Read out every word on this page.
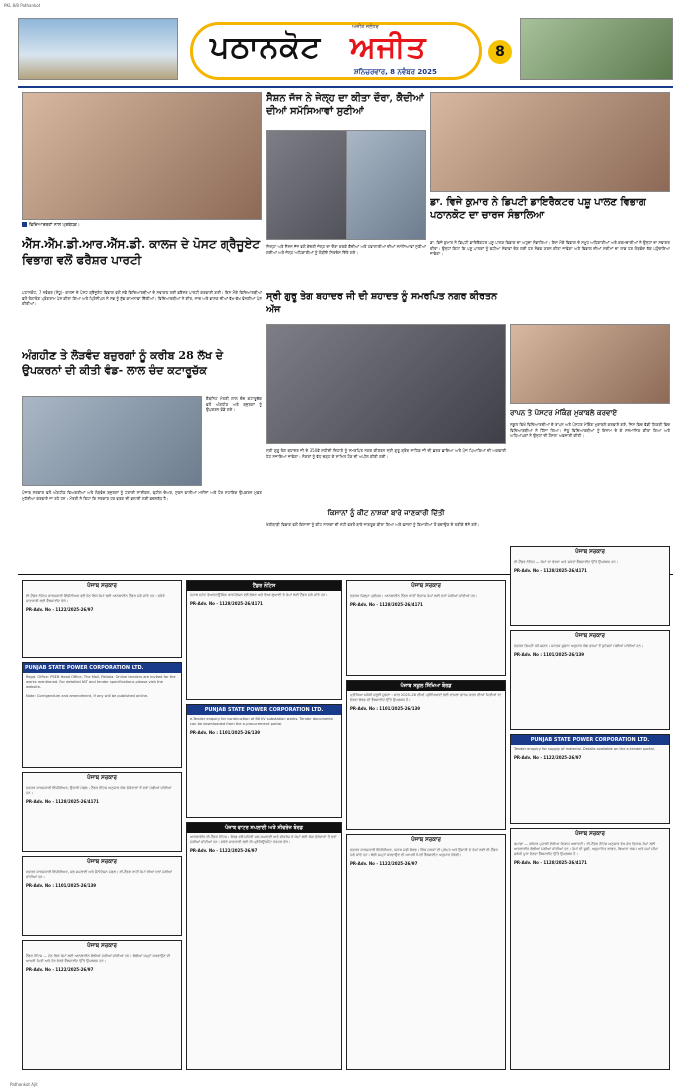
PKL 8/8 Pathankot
ਪਠਾਨਕੋਟ ਅਜੀਤ
ਅਜੀਤ ਜਲੰਧਰ
ਸ਼ਨਿਚਰਵਾਰ, 8 ਨਵੰਬਰ 2025
8
ਵਿਦਿਆਰਥਣਾਂ ਨਾਲ ਪ੍ਰਬੰਧਕ।
ਸੈਸ਼ਨ ਜੱਜ ਨੇ ਜੇਲ੍ਹ ਦਾ ਕੀਤਾ ਦੌਰਾ, ਕੈਦੀਆਂ ਦੀਆਂ ਸਮੱਸਿਆਵਾਂ ਸੁਣੀਆਂ
ਡਾ. ਵਿਜੇ ਕੁਮਾਰ ਨੇ ਡਿਪਟੀ ਡਾਇਰੈਕਟਰ ਪਸ਼ੂ ਪਾਲਣ ਵਿਭਾਗ ਪਠਾਨਕੋਟ ਦਾ ਚਾਰਜ ਸੰਭਾਲਿਆ
ਐੱਸ.ਐੱਮ.ਡੀ.ਆਰ.ਐੱਸ.ਡੀ. ਕਾਲਜ ਦੇ ਪੋਸਟ ਗ੍ਰੈਜੂਏਟ ਵਿਭਾਗ ਵਲੋਂ ਫਰੈਸ਼ਰ ਪਾਰਟੀ
ਪਠਾਨਕੋਟ, 7 ਨਵੰਬਰ (ਸੰਧੂ)- ਕਾਲਜ ਦੇ ਪੋਸਟ ਗ੍ਰੈਜੂਏਟ ਵਿਭਾਗ ਵਲੋਂ ਨਵੇਂ ਵਿਦਿਆਰਥੀਆਂ ਦੇ ਸਵਾਗਤ ਲਈ ਫਰੈਸ਼ਰ ਪਾਰਟੀ ਕਰਵਾਈ ਗਈ। ਇਸ ਮੌਕੇ ਵਿਦਿਆਰਥੀਆਂ ਵਲੋਂ ਰੰਗਾਰੰਗ ਪ੍ਰੋਗਰਾਮ ਪੇਸ਼ ਕੀਤਾ ਗਿਆ ਅਤੇ ਪ੍ਰਿੰਸੀਪਲ ਨੇ ਸਭ ਨੂੰ ਸ਼ੁੱਭ ਕਾਮਨਾਵਾਂ ਦਿੱਤੀਆਂ। ਵਿਦਿਆਰਥੀਆਂ ਨੇ ਗੀਤ, ਨਾਚ ਅਤੇ ਭਾਸ਼ਣ ਦੀਆਂ ਵੱਖ-ਵੱਖ ਵੰਨਗੀਆਂ ਪੇਸ਼ ਕੀਤੀਆਂ।
ਜ਼ਿਲ੍ਹਾ ਅਤੇ ਸੈਸ਼ਨ ਜੱਜ ਵਲੋਂ ਕੇਂਦਰੀ ਜੇਲ੍ਹ ਦਾ ਦੌਰਾ ਕਰਕੇ ਕੈਦੀਆਂ ਅਤੇ ਹਵਾਲਾਤੀਆਂ ਦੀਆਂ ਸਮੱਸਿਆਵਾਂ ਸੁਣੀਆਂ ਗਈਆਂ ਅਤੇ ਜੇਲ੍ਹ ਅਧਿਕਾਰੀਆਂ ਨੂੰ ਲੋੜੀਂਦੇ ਨਿਰਦੇਸ਼ ਦਿੱਤੇ ਗਏ।
ਸ੍ਰੀ ਗੁਰੂ ਤੇਗ ਬਹਾਦਰ ਜੀ ਦੀ ਸ਼ਹਾਦਤ ਨੂੰ ਸਮਰਪਿਤ ਨਗਰ ਕੀਰਤਨ ਅੱਜ
ਡਾ. ਵਿਜੇ ਕੁਮਾਰ ਨੇ ਡਿਪਟੀ ਡਾਇਰੈਕਟਰ ਪਸ਼ੂ ਪਾਲਣ ਵਿਭਾਗ ਦਾ ਅਹੁਦਾ ਸੰਭਾਲਿਆ। ਇਸ ਮੌਕੇ ਵਿਭਾਗ ਦੇ ਸਮੂਹ ਅਧਿਕਾਰੀਆਂ ਅਤੇ ਕਰਮਚਾਰੀਆਂ ਨੇ ਉਨ੍ਹਾਂ ਦਾ ਸਵਾਗਤ ਕੀਤਾ। ਉਨ੍ਹਾਂ ਕਿਹਾ ਕਿ ਪਸ਼ੂ ਪਾਲਕਾਂ ਨੂੰ ਵਧੀਆ ਸੇਵਾਵਾਂ ਦੇਣ ਲਈ ਹਰ ਸੰਭਵ ਯਤਨ ਕੀਤਾ ਜਾਵੇਗਾ ਅਤੇ ਵਿਭਾਗ ਦੀਆਂ ਸਕੀਮਾਂ ਦਾ ਲਾਭ ਹਰ ਲੋੜਵੰਦ ਤੱਕ ਪਹੁੰਚਾਇਆ ਜਾਵੇਗਾ।
ਅੰਗਹੀਣ ਤੇ ਲੋੜਵੰਦ ਬਜ਼ੁਰਗਾਂ ਨੂੰ ਕਰੀਬ 28 ਲੱਖ ਦੇ ਉਪਕਰਨਾਂ ਦੀ ਕੀਤੀ ਵੰਡ- ਲਾਲ ਚੰਦ ਕਟਾਰੂਚੱਕ
ਕੈਬਨਿਟ ਮੰਤਰੀ ਲਾਲ ਚੰਦ ਕਟਾਰੂਚੱਕ ਵਲੋਂ ਅੰਗਹੀਣ ਅਤੇ ਬਜ਼ੁਰਗਾਂ ਨੂੰ ਉਪਕਰਨ ਵੰਡੇ ਗਏ।
ਪੰਜਾਬ ਸਰਕਾਰ ਵਲੋਂ ਅੰਗਹੀਣ ਵਿਅਕਤੀਆਂ ਅਤੇ ਲੋੜਵੰਦ ਬਜ਼ੁਰਗਾਂ ਨੂੰ ਟਰਾਈ ਸਾਈਕਲ, ਵ੍ਹੀਲ ਚੇਅਰ, ਸੁਣਨ ਵਾਲੀਆਂ ਮਸ਼ੀਨਾਂ ਅਤੇ ਹੋਰ ਸਹਾਇਕ ਉਪਕਰਨ ਮੁਫ਼ਤ ਮੁਹੱਈਆ ਕਰਵਾਏ ਜਾ ਰਹੇ ਹਨ। ਮੰਤਰੀ ਨੇ ਕਿਹਾ ਕਿ ਸਰਕਾਰ ਹਰ ਵਰਗ ਦੀ ਭਲਾਈ ਲਈ ਵਚਨਬੱਧ ਹੈ।
ਸ੍ਰੀ ਗੁਰੂ ਤੇਗ ਬਹਾਦਰ ਜੀ ਦੇ 350ਵੇਂ ਸ਼ਹੀਦੀ ਦਿਹਾੜੇ ਨੂੰ ਸਮਰਪਿਤ ਨਗਰ ਕੀਰਤਨ ਸ੍ਰੀ ਗੁਰੂ ਗ੍ਰੰਥ ਸਾਹਿਬ ਜੀ ਦੀ ਛਤਰ ਛਾਇਆ ਅਤੇ ਪੰਜ ਪਿਆਰਿਆਂ ਦੀ ਅਗਵਾਈ ਹੇਠ ਸਜਾਇਆ ਜਾਵੇਗਾ। ਸੰਗਤਾਂ ਨੂੰ ਵੱਧ ਚੜ੍ਹ ਕੇ ਸ਼ਾਮਿਲ ਹੋਣ ਦੀ ਅਪੀਲ ਕੀਤੀ ਗਈ।
ਕਿਸਾਨਾਂ ਨੂੰ ਕੀਟ ਨਾਸ਼ਕਾਂ ਬਾਰੇ ਜਾਣਕਾਰੀ ਦਿੱਤੀ
ਖੇਤੀਬਾੜੀ ਵਿਭਾਗ ਵਲੋਂ ਕਿਸਾਨਾਂ ਨੂੰ ਕੀਟ ਨਾਸ਼ਕਾਂ ਦੀ ਸਹੀ ਵਰਤੋਂ ਬਾਰੇ ਜਾਗਰੂਕ ਕੀਤਾ ਗਿਆ ਅਤੇ ਫ਼ਸਲਾਂ ਨੂੰ ਬਿਮਾਰੀਆਂ ਤੋਂ ਬਚਾਉਣ ਦੇ ਤਰੀਕੇ ਦੱਸੇ ਗਏ।
ਰਾਪਨ ਤੇ ਪੋਸਟਰ ਮੇਕਿੰਗ ਮੁਕਾਬਲੇ ਕਰਵਾਏ
ਸਕੂਲ ਵਿਖੇ ਵਿਦਿਆਰਥੀਆਂ ਦੇ ਰਾਪਨ ਅਤੇ ਪੋਸਟਰ ਮੇਕਿੰਗ ਮੁਕਾਬਲੇ ਕਰਵਾਏ ਗਏ, ਜਿਸ ਵਿਚ ਵੱਡੀ ਗਿਣਤੀ ਵਿਚ ਵਿਦਿਆਰਥੀਆਂ ਨੇ ਹਿੱਸਾ ਲਿਆ। ਜੇਤੂ ਵਿਦਿਆਰਥੀਆਂ ਨੂੰ ਇਨਾਮ ਦੇ ਕੇ ਸਨਮਾਨਿਤ ਕੀਤਾ ਗਿਆ ਅਤੇ ਅਧਿਆਪਕਾਂ ਨੇ ਉਨ੍ਹਾਂ ਦੀ ਹੌਸਲਾ ਅਫ਼ਜ਼ਾਈ ਕੀਤੀ।
ਪੰਜਾਬ ਸਰਕਾਰ
ਈ-ਟੈਂਡਰ ਨੋਟਿਸ ਕਾਰਜਕਾਰੀ ਇੰਜੀਨੀਅਰ ਵਲੋਂ ਹੇਠ ਲਿਖੇ ਕੰਮਾਂ ਲਈ ਆਨਲਾਈਨ ਟੈਂਡਰ ਮੰਗੇ ਜਾਂਦੇ ਹਨ। ਵਧੇਰੇ ਜਾਣਕਾਰੀ ਲਈ ਵੈੱਬਸਾਈਟ ਵੇਖੋ।
PR-Adv. No - 1122/2025-26/97
PUNJAB STATE POWER CORPORATION LTD.
Regd. Office: PSEB Head Office, The Mall, Patiala. Online tenders are invited for the works mentioned. For detailed NIT and tender specifications please visit the website.
Note: Corrigendum and amendment, if any will be published online.
ਪੰਜਾਬ ਸਰਕਾਰ
ਦਫ਼ਤਰ ਕਾਰਜਕਾਰੀ ਇੰਜੀਨੀਅਰ, ਉਸਾਰੀ ਮੰਡਲ। ਟੈਂਡਰ ਨੋਟਿਸ ਅਨੁਸਾਰ ਯੋਗ ਠੇਕੇਦਾਰਾਂ ਤੋਂ ਦਰਾਂ ਮੰਗੀਆਂ ਜਾਂਦੀਆਂ ਹਨ।
PR-Adv. No - 1128/2025-26/4171
ਪੰਜਾਬ ਸਰਕਾਰ
ਦਫ਼ਤਰ ਕਾਰਜਕਾਰੀ ਇੰਜੀਨੀਅਰ, ਜਲ ਸਪਲਾਈ ਅਤੇ ਸੈਨੀਟੇਸ਼ਨ ਮੰਡਲ। ਈ-ਟੈਂਡਰ ਰਾਹੀਂ ਕੰਮਾਂ ਦੀਆਂ ਦਰਾਂ ਮੰਗੀਆਂ ਜਾਂਦੀਆਂ ਹਨ।
PR-Adv. No : 1101/2025-26/139
ਪੰਜਾਬ ਸਰਕਾਰ
ਟੈਂਡਰ ਨੋਟਿਸ — ਹੇਠ ਲਿਖੇ ਕੰਮਾਂ ਲਈ ਆਨਲਾਈਨ ਬੋਲੀਆਂ ਮੰਗੀਆਂ ਜਾਂਦੀਆਂ ਹਨ। ਬੋਲੀਆਂ ਜਮ੍ਹਾਂ ਕਰਵਾਉਣ ਦੀ ਆਖਰੀ ਮਿਤੀ ਅਤੇ ਹੋਰ ਵੇਰਵੇ ਵੈੱਬਸਾਈਟ ਉੱਤੇ ਉਪਲਬਧ ਹਨ।
PR-Adv. No - 1122/2025-26/97
ਟੈਂਡਰ ਨੋਟਿਸ
ਪੰਜਾਬ ਸਟੇਟ ਵੇਅਰਹਾਊਸਿੰਗ ਕਾਰਪੋਰੇਸ਼ਨ ਵਲੋਂ ਲੇਬਰ ਅਤੇ ਢੋਆ-ਢੁਆਈ ਦੇ ਕੰਮਾਂ ਲਈ ਟੈਂਡਰ ਮੰਗੇ ਜਾਂਦੇ ਹਨ।
PR-Adv. No - 1128/2025-26/4171
PUNJAB STATE POWER CORPORATION LTD.
e-Tender enquiry for construction of 66 kV substation works. Tender documents can be downloaded from the e-procurement portal.
PR-Adv. No : 1101/2025-26/139
ਪੰਜਾਬ ਵਾਟਰ ਸਪਲਾਈ ਅਤੇ ਸੀਵਰੇਜ ਬੋਰਡ
ਆਨਲਾਈਨ ਈ-ਟੈਂਡਰ ਨੋਟਿਸ। ਬੋਰਡ ਵਲੋਂ ਸ਼ਹਿਰੀ ਜਲ ਸਪਲਾਈ ਅਤੇ ਸੀਵਰੇਜ ਦੇ ਕੰਮਾਂ ਲਈ ਯੋਗ ਠੇਕੇਦਾਰਾਂ ਤੋਂ ਦਰਾਂ ਮੰਗੀਆਂ ਜਾਂਦੀਆਂ ਹਨ। ਵਧੇਰੇ ਜਾਣਕਾਰੀ ਲਈ ਈ-ਪ੍ਰੋਕਿਊਰਮੈਂਟ ਪੋਰਟਲ ਵੇਖੋ।
PR-Adv. No - 1122/2025-26/97
ਪੰਜਾਬ ਸਰਕਾਰ
ਦਫ਼ਤਰ ਜ਼ਿਲ੍ਹਾ ਪ੍ਰੀਸ਼ਦ। ਆਨਲਾਈਨ ਟੈਂਡਰ ਰਾਹੀਂ ਵਿਕਾਸ ਕੰਮਾਂ ਲਈ ਦਰਾਂ ਮੰਗੀਆਂ ਜਾਂਦੀਆਂ ਹਨ।
PR-Adv. No - 1128/2025-26/4171
ਪੰਜਾਬ ਸਕੂਲ ਸਿੱਖਿਆ ਬੋਰਡ
ਪ੍ਰੀਖਿਆ ਸਬੰਧੀ ਜ਼ਰੂਰੀ ਸੂਚਨਾ। ਸਾਲ 2025-26 ਦੀਆਂ ਪ੍ਰੀਖਿਆਵਾਂ ਲਈ ਦਾਖ਼ਲਾ ਫ਼ਾਰਮ ਭਰਨ ਦੀਆਂ ਮਿਤੀਆਂ ਦਾ ਵੇਰਵਾ ਬੋਰਡ ਦੀ ਵੈੱਬਸਾਈਟ ਉੱਤੇ ਉਪਲਬਧ ਹੈ।
PR-Adv. No : 1101/2025-26/139
ਪੰਜਾਬ ਸਰਕਾਰ
ਦਫ਼ਤਰ ਕਾਰਜਕਾਰੀ ਇੰਜੀਨੀਅਰ, ਪੰਜਾਬ ਮੰਡੀ ਬੋਰਡ। ਲਿੰਕ ਸੜਕਾਂ ਦੀ ਮੁਰੰਮਤ ਅਤੇ ਉਸਾਰੀ ਦੇ ਕੰਮਾਂ ਲਈ ਈ-ਟੈਂਡਰ ਮੰਗੇ ਜਾਂਦੇ ਹਨ। ਬੋਲੀ ਜਮ੍ਹਾਂ ਕਰਵਾਉਣ ਦੀ ਆਖਰੀ ਮਿਤੀ ਵੈੱਬਸਾਈਟ ਅਨੁਸਾਰ ਹੋਵੇਗੀ।
PR-Adv. No - 1122/2025-26/97
ਪੰਜਾਬ ਸਰਕਾਰ
ਈ-ਟੈਂਡਰ ਨੋਟਿਸ — ਕੰਮਾਂ ਦਾ ਵੇਰਵਾ ਅਤੇ ਸ਼ਰਤਾਂ ਵੈੱਬਸਾਈਟ ਉੱਤੇ ਉਪਲਬਧ ਹਨ।
PR-Adv. No - 1128/2025-26/4171
ਪੰਜਾਬ ਸਰਕਾਰ
ਦਫ਼ਤਰ ਡਿਪਟੀ ਕਮਿਸ਼ਨਰ। ਜਨਤਕ ਸੂਚਨਾ ਅਨੁਸਾਰ ਯੋਗ ਫ਼ਰਮਾਂ ਤੋਂ ਕੁਟੇਸ਼ਨਾਂ ਮੰਗੀਆਂ ਜਾਂਦੀਆਂ ਹਨ।
PR-Adv. No : 1101/2025-26/139
PUNJAB STATE POWER CORPORATION LTD.
Tender enquiry for supply of material. Details available on the e-tender portal.
PR-Adv. No - 1122/2025-26/97
ਪੰਜਾਬ ਸਰਕਾਰ
ਗਮਾਡਾ — ਗਰੇਟਰ ਮੁਹਾਲੀ ਏਰੀਆ ਵਿਕਾਸ ਅਥਾਰਟੀ। ਈ-ਟੈਂਡਰ ਨੋਟਿਸ ਅਨੁਸਾਰ ਵੱਖ-ਵੱਖ ਵਿਕਾਸ ਕੰਮਾਂ ਲਈ ਆਨਲਾਈਨ ਬੋਲੀਆਂ ਮੰਗੀਆਂ ਜਾਂਦੀਆਂ ਹਨ। ਕੰਮਾਂ ਦੀ ਸੂਚੀ, ਅਨੁਮਾਨਿਤ ਲਾਗਤ, ਬਿਆਨਾ ਰਕਮ ਅਤੇ ਸਮਾਂ ਸੀਮਾ ਸਬੰਧੀ ਪੂਰਾ ਵੇਰਵਾ ਵੈੱਬਸਾਈਟ ਉੱਤੇ ਉਪਲਬਧ ਹੈ।
PR-Adv. No - 1128/2025-26/4171
Pathankot Ajit
